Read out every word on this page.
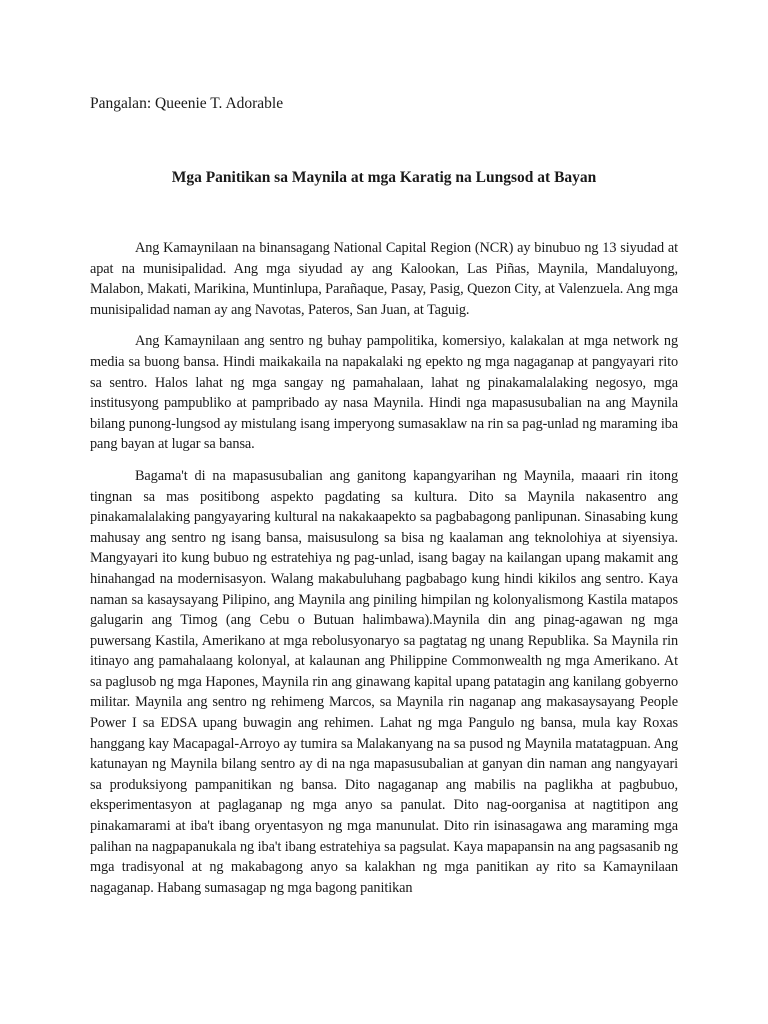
Pangalan: Queenie T. Adorable
Mga Panitikan sa Maynila at mga Karatig na Lungsod at Bayan

Ang Kamaynilaan na binansagang National Capital Region (NCR) ay binubuo ng 13 siyudad at apat na munisipalidad. Ang mga siyudad ay ang Kalookan, Las Piñas, Maynila, Mandaluyong, Malabon, Makati, Marikina, Muntinlupa, Parañaque, Pasay, Pasig, Quezon City, at Valenzuela. Ang mga munisipalidad naman ay ang Navotas, Pateros, San Juan, at Taguig.

Ang Kamaynilaan ang sentro ng buhay pampolitika, komersiyo, kalakalan at mga network ng media sa buong bansa. Hindi maikakaila na napakalaki ng epekto ng mga nagaganap at pangyayari rito sa sentro. Halos lahat ng mga sangay ng pamahalaan, lahat ng pinakamalalaking negosyo, mga institusyong pampubliko at pampribado ay nasa Maynila. Hindi nga mapasusubalian na ang Maynila bilang punong-lungsod ay mistulang isang imperyong sumasaklaw na rin sa pag-unlad ng maraming iba pang bayan at lugar sa bansa.

Bagama't di na mapasusubalian ang ganitong kapangyarihan ng Maynila, maaari rin itong tingnan sa mas positibong aspekto pagdating sa kultura. Dito sa Maynila nakasentro ang pinakamalalaking pangyayaring kultural na nakakaapekto sa pagbabagong panlipunan. Sinasabing kung mahusay ang sentro ng isang bansa, maisusulong sa bisa ng kaalaman ang teknolohiya at siyensiya. Mangyayari ito kung bubuo ng estratehiya ng pag-unlad, isang bagay na kailangan upang makamit ang hinahangad na modernisasyon. Walang makabuluhang pagbabago kung hindi kikilos ang sentro. Kaya naman sa kasaysayang Pilipino, ang Maynila ang piniling himpilan ng kolonyalismong Kastila matapos galugarin ang Timog (ang Cebu o Butuan halimbawa).Maynila din ang pinag-agawan ng mga puwersang Kastila, Amerikano at mga rebolusyonaryo sa pagtatag ng unang Republika. Sa Maynila rin itinayo ang pamahalaang kolonyal, at kalaunan ang Philippine Commonwealth ng mga Amerikano. At sa paglusob ng mga Hapones, Maynila rin ang ginawang kapital upang patatagin ang kanilang gobyerno militar. Maynila ang sentro ng rehimeng Marcos, sa Maynila rin naganap ang makasaysayang People Power I sa EDSA upang buwagin ang rehimen. Lahat ng mga Pangulo ng bansa, mula kay Roxas hanggang kay Macapagal-Arroyo ay tumira sa Malakanyang na sa pusod ng Maynila matatagpuan. Ang katunayan ng Maynila bilang sentro ay di na nga mapasusubalian at ganyan din naman ang nangyayari sa produksiyong pampanitikan ng bansa. Dito nagaganap ang mabilis na paglikha at pagbubuo, eksperimentasyon at paglaganap ng mga anyo sa panulat. Dito nag-oorganisa at nagtitipon ang pinakamarami at iba't ibang oryentasyon ng mga manunulat. Dito rin isinasagawa ang maraming mga palihan na nagpapanukala ng iba't ibang estratehiya sa pagsulat. Kaya mapapansin na ang pagsasanib ng mga tradisyonal at ng makabagong anyo sa kalakhan ng mga panitikan ay rito sa Kamaynilaan nagaganap. Habang sumasagap ng mga bagong panitikan
